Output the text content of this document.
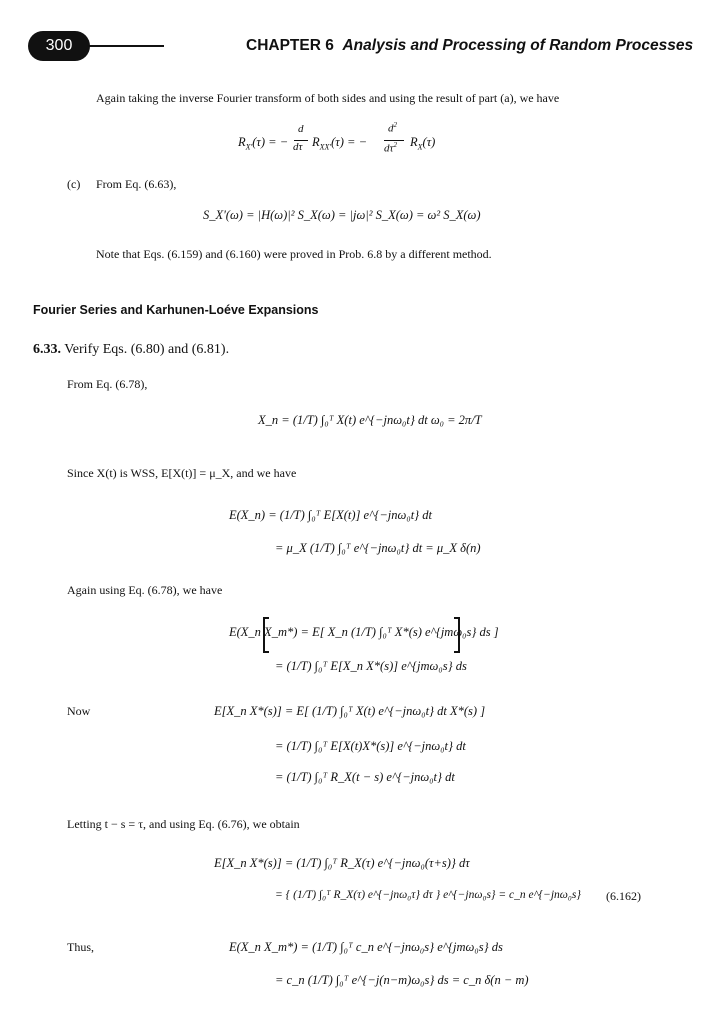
300	CHAPTER 6 Analysis and Processing of Random Processes
Again taking the inverse Fourier transform of both sides and using the result of part (a), we have
$R_{X'}(\tau)$ = −
d
dτ $R_{XX'}(\tau)$ = −
$d^2$
$d\tau^2$ $R_X(\tau)$
(c) From Eq. (6.63),
S_X'(ω) = |H(ω)|² S_X(ω) = |jω|² S_X(ω) = ω² S_X(ω)
Note that Eqs. (6.159) and (6.160) were proved in Prob. 6.8 by a different method.
Fourier Series and Karhunen-Loéve Expansions
6.33. Verify Eqs. (6.80) and (6.81).
From Eq. (6.78),
X_n = (1/T) ∫₀ᵀ X(t) e^{−jnω₀t} dt ω₀ = 2π/T
Since X(t) is WSS, E[X(t)] = μ_X, and we have
E(X_n) = (1/T) ∫₀ᵀ E[X(t)] e^{−jnω₀t} dt
= μ_X (1/T) ∫₀ᵀ e^{−jnω₀t} dt = μ_X δ(n)
Again using Eq. (6.78), we have
E(X_n X_m*) = E[ X_n (1/T) ∫₀ᵀ X*(s) e^{jmω₀s} ds ]
= (1/T) ∫₀ᵀ E[X_n X*(s)] e^{jmω₀s} ds
Now	E[X_n X*(s)] = E[ (1/T) ∫₀ᵀ X(t) e^{−jnω₀t} dt X*(s) ]
= (1/T) ∫₀ᵀ E[X(t)X*(s)] e^{−jnω₀t} dt
= (1/T) ∫₀ᵀ R_X(t − s) e^{−jnω₀t} dt
Letting t − s = τ, and using Eq. (6.76), we obtain
E[X_n X*(s)] = (1/T) ∫₀ᵀ R_X(τ) e^{−jnω₀(τ+s)} dτ
= { (1/T) ∫₀ᵀ R_X(τ) e^{−jnω₀τ} dτ } e^{−jnω₀s} = c_n e^{−jnω₀s} (6.162)
Thus,	E(X_n X_m*) = (1/T) ∫₀ᵀ c_n e^{−jnω₀s} e^{jmω₀s} ds
= c_n (1/T) ∫₀ᵀ e^{−j(n−m)ω₀s} ds = c_n δ(n − m)
